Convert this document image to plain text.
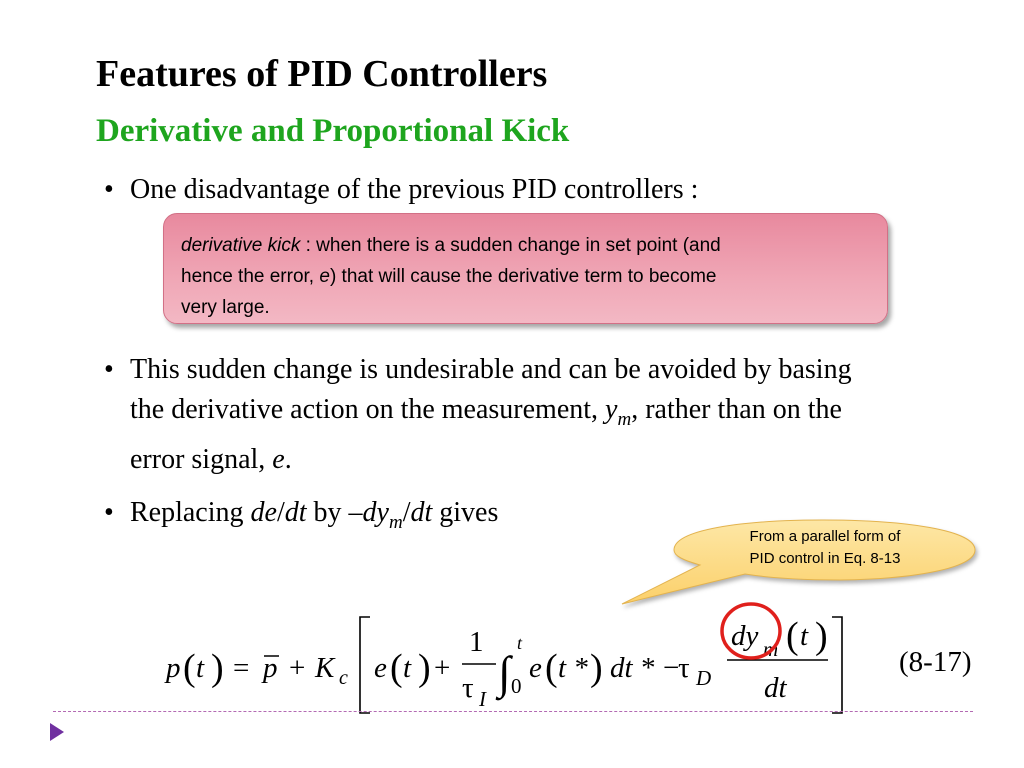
Features of PID Controllers
Derivative and Proportional Kick
• One disadvantage of the previous PID controllers :
derivative kick : when there is a sudden change in set point (and
hence the error, e) that will cause the derivative term to become
very large.
• This sudden change is undesirable and can be avoided by basing
the derivative action on the measurement, $y_m$, rather than on the
error signal, e.
• Replacing de/dt by $-dy_m/dt$ gives
From a parallel form of
PID control in Eq. 8-13
p ( t ) = p + K c e ( t ) +
1
τ I
∫
t
0
e ( t * ) dt * −
τ D
dy m ( t )
dt
(8-17)
